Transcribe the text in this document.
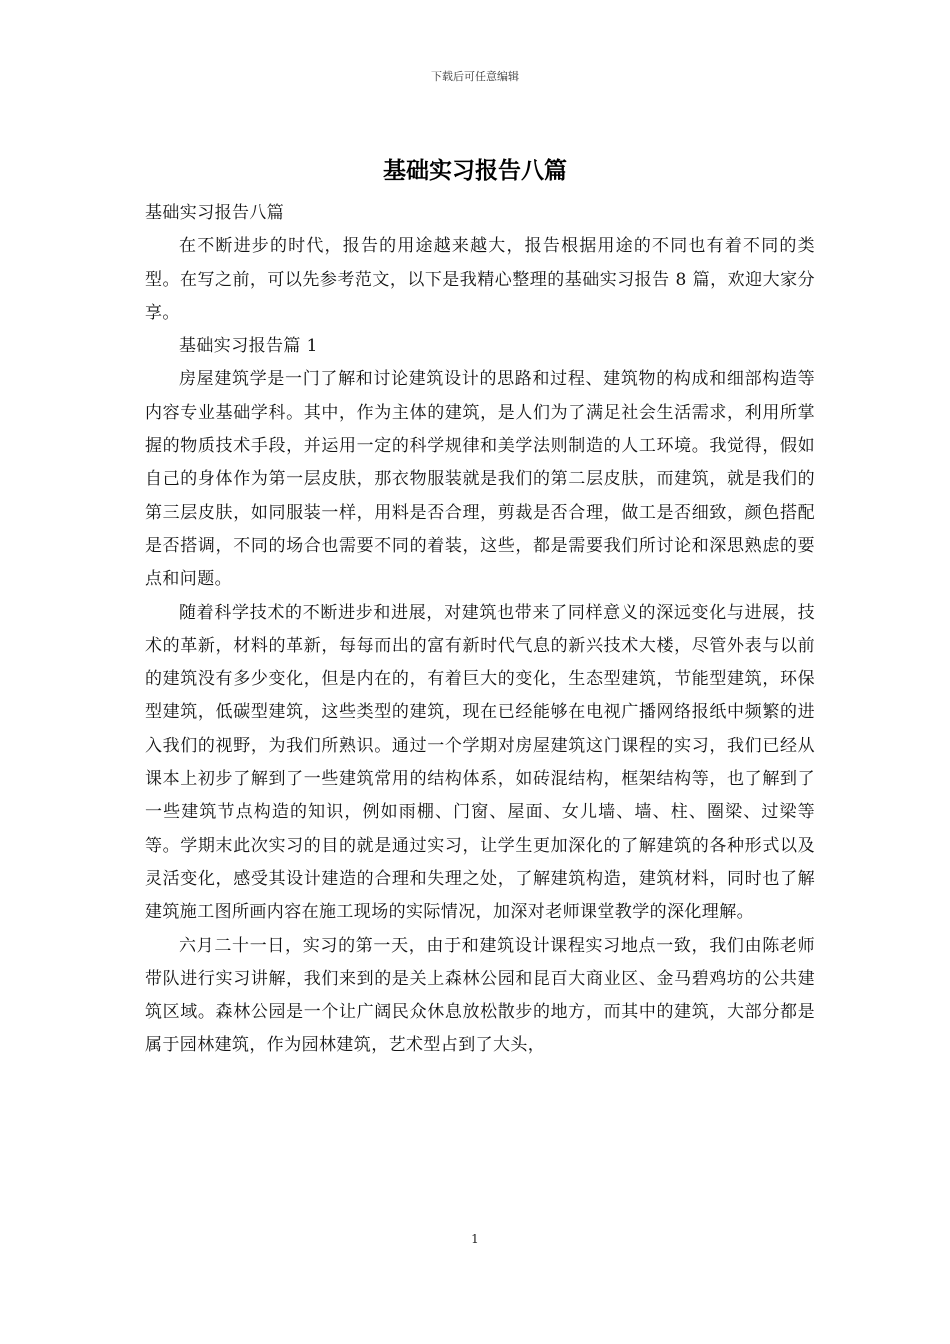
下载后可任意编辑
基础实习报告八篇

基础实习报告八篇

在不断进步的时代，报告的用途越来越大，报告根据用途的不同也有着不同的类型。在写之前，可以先参考范文，以下是我精心整理的基础实习报告 8 篇，欢迎大家分享。

基础实习报告篇 1

房屋建筑学是一门了解和讨论建筑设计的思路和过程、建筑物的构成和细部构造等内容专业基础学科。其中，作为主体的建筑，是人们为了满足社会生活需求，利用所掌握的物质技术手段，并运用一定的科学规律和美学法则制造的人工环境。我觉得，假如自己的身体作为第一层皮肤，那衣物服装就是我们的第二层皮肤，而建筑，就是我们的第三层皮肤，如同服装一样，用料是否合理，剪裁是否合理，做工是否细致，颜色搭配是否搭调，不同的场合也需要不同的着装，这些，都是需要我们所讨论和深思熟虑的要点和问题。

随着科学技术的不断进步和进展，对建筑也带来了同样意义的深远变化与进展，技术的革新，材料的革新，每每而出的富有新时代气息的新兴技术大楼，尽管外表与以前的建筑没有多少变化，但是内在的，有着巨大的变化，生态型建筑，节能型建筑，环保型建筑，低碳型建筑，这些类型的建筑，现在已经能够在电视广播网络报纸中频繁的进入我们的视野，为我们所熟识。通过一个学期对房屋建筑这门课程的实习，我们已经从课本上初步了解到了一些建筑常用的结构体系，如砖混结构，框架结构等，也了解到了一些建筑节点构造的知识，例如雨棚、门窗、屋面、女儿墙、墙、柱、圈梁、过梁等等。学期末此次实习的目的就是通过实习，让学生更加深化的了解建筑的各种形式以及灵活变化，感受其设计建造的合理和失理之处，了解建筑构造，建筑材料，同时也了解建筑施工图所画内容在施工现场的实际情况，加深对老师课堂教学的深化理解。

六月二十一日，实习的第一天，由于和建筑设计课程实习地点一致，我们由陈老师带队进行实习讲解，我们来到的是关上森林公园和昆百大商业区、金马碧鸡坊的公共建筑区域。森林公园是一个让广阔民众休息放松散步的地方，而其中的建筑，大部分都是属于园林建筑，作为园林建筑，艺术型占到了大头，

1
